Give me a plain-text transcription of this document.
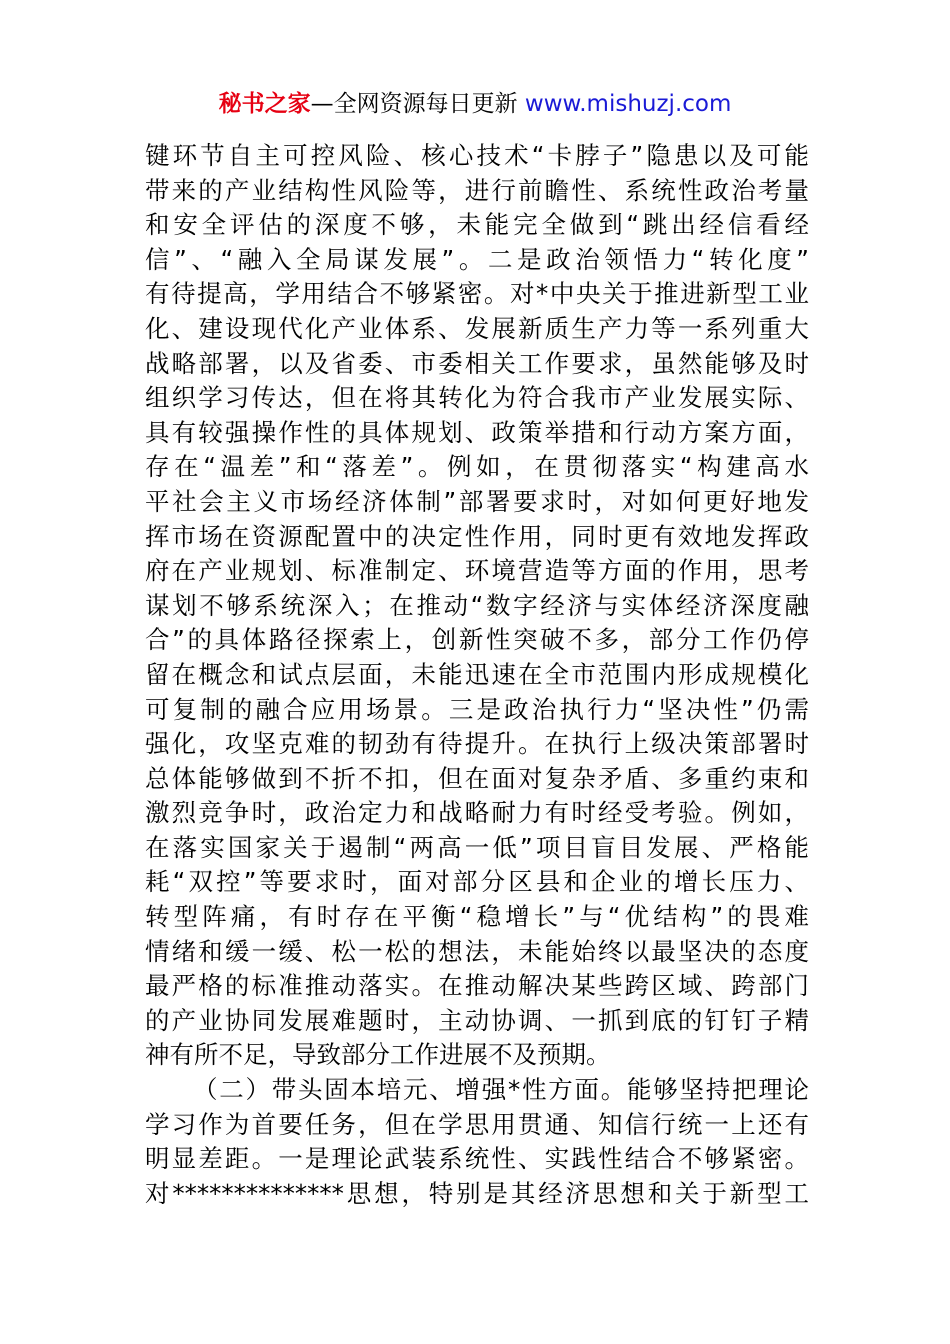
秘书之家—全网资源每日更新 www.mishuzj.com
键环节自主可控风险、核心技术“卡脖子”隐患以及可能
带来的产业结构性风险等，进行前瞻性、系统性政治考量
和安全评估的深度不够，未能完全做到“跳出经信看经
信”、“融入全局谋发展”。二是政治领悟力“转化度”
有待提高，学用结合不够紧密。对*中央关于推进新型工业
化、建设现代化产业体系、发展新质生产力等一系列重大
战略部署，以及省委、市委相关工作要求，虽然能够及时
组织学习传达，但在将其转化为符合我市产业发展实际、
具有较强操作性的具体规划、政策举措和行动方案方面，
存在“温差”和“落差”。例如，在贯彻落实“构建高水
平社会主义市场经济体制”部署要求时，对如何更好地发
挥市场在资源配置中的决定性作用，同时更有效地发挥政
府在产业规划、标准制定、环境营造等方面的作用，思考
谋划不够系统深入；在推动“数字经济与实体经济深度融
合”的具体路径探索上，创新性突破不多，部分工作仍停
留在概念和试点层面，未能迅速在全市范围内形成规模化
可复制的融合应用场景。三是政治执行力“坚决性”仍需
强化，攻坚克难的韧劲有待提升。在执行上级决策部署时
总体能够做到不折不扣，但在面对复杂矛盾、多重约束和
激烈竞争时，政治定力和战略耐力有时经受考验。例如，
在落实国家关于遏制“两高一低”项目盲目发展、严格能
耗“双控”等要求时，面对部分区县和企业的增长压力、
转型阵痛，有时存在平衡“稳增长”与“优结构”的畏难
情绪和缓一缓、松一松的想法，未能始终以最坚决的态度
最严格的标准推动落实。在推动解决某些跨区域、跨部门
的产业协同发展难题时，主动协调、一抓到底的钉钉子精
神有所不足，导致部分工作进展不及预期。
（二）带头固本培元、增强*性方面。能够坚持把理论
学习作为首要任务，但在学思用贯通、知信行统一上还有
明显差距。一是理论武装系统性、实践性结合不够紧密。
对**************思想，特别是其经济思想和关于新型工
